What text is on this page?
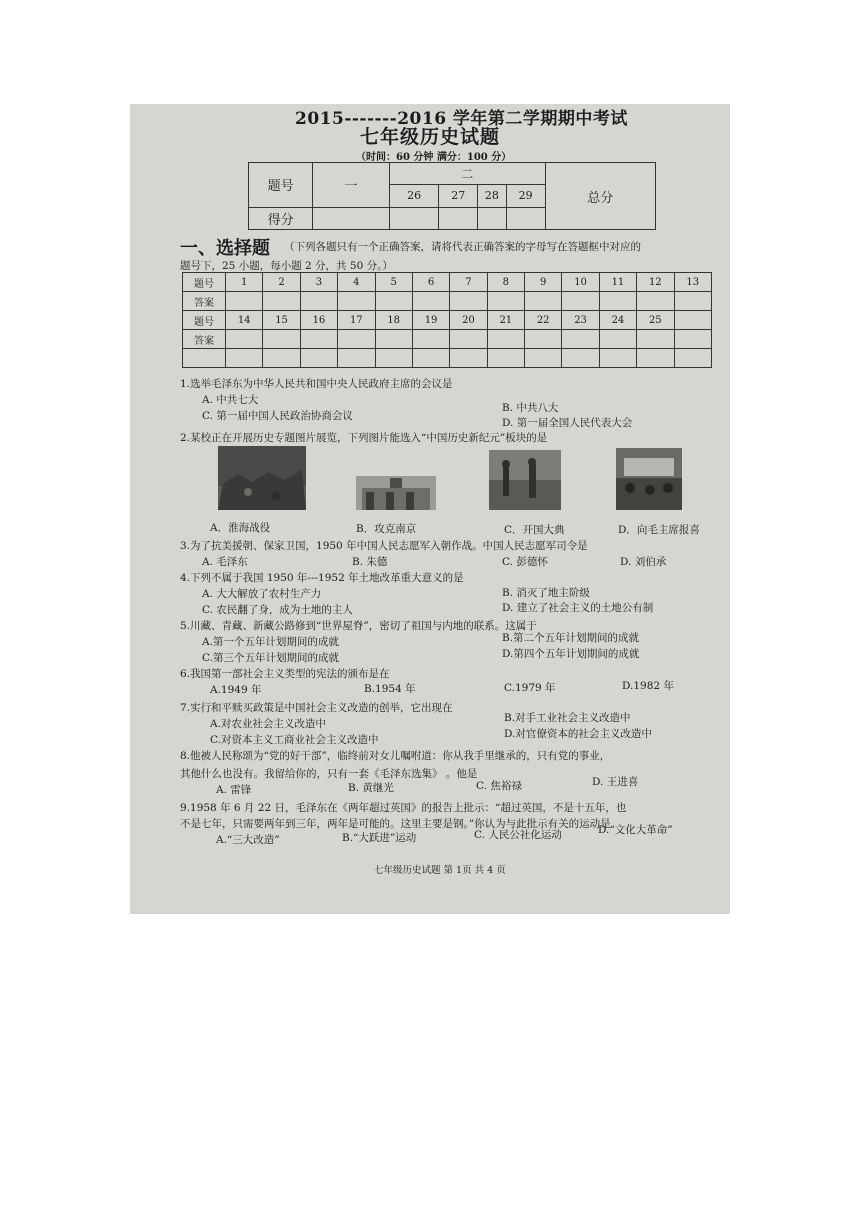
2015-------2016 学年第二学期期中考试
七年级历史试题
（时间：60 分钟 满分：100 分）
题号	一	二				总分
		26	27	28	29	
得分						
一、选择题 （下列各题只有一个正确答案，请将代表正确答案的字母写在答题框中对应的
题号下，25 小题，每小题 2 分，共 50 分。）
题号	1	2	3	4	5	6	7	8	9	10	11	12	13
答案													
题号	14	15	16	17	18	19	20	21	22	23	24	25	
答案													

1.选举毛泽东为中华人民共和国中央人民政府主席的会议是
A. 中共七大
B. 中共八大
C. 第一届中国人民政治协商会议
D. 第一届全国人民代表大会
2.某校正在开展历史专题图片展览，下列图片能选入“中国历史新纪元”板块的是
A．淮海战役	B．攻克南京	C．开国大典	D．向毛主席报喜
3.为了抗美援朝、保家卫国，1950 年中国人民志愿军入朝作战。中国人民志愿军司令是
A. 毛泽东	B. 朱德	C. 彭德怀	D. 刘伯承
4.下列不属于我国 1950 年---1952 年土地改革重大意义的是
A. 大大解放了农村生产力	B. 消灭了地主阶级
C. 农民翻了身，成为土地的主人	D. 建立了社会主义的土地公有制
5.川藏、青藏、新藏公路修到“世界屋脊”，密切了祖国与内地的联系。这属于
A.第一个五年计划期间的成就	B.第二个五年计划期间的成就
C.第三个五年计划期间的成就	D.第四个五年计划期间的成就
6.我国第一部社会主义类型的宪法的颁布是在
A.1949 年	B.1954 年	C.1979 年	D.1982 年
7.实行和平赎买政策是中国社会主义改造的创举，它出现在
A.对农业社会主义改造中	B.对手工业社会主义改造中
C.对资本主义工商业社会主义改造中	D.对官僚资本的社会主义改造中
8.他被人民称颂为“党的好干部”，临终前对女儿嘱咐道：你从我手里继承的，只有党的事业，
其他什么也没有。我留给你的，只有一套《毛泽东选集》 。他是
A. 雷锋	B. 黄继光	C. 焦裕禄	D. 王进喜
9.1958 年 6 月 22 日，毛泽东在《两年超过英国》的报告上批示：“超过英国，不是十五年，也
不是七年，只需要两年到三年，两年是可能的。这里主要是钢。”你认为与此批示有关的运动是
A.“三大改造”	B.“大跃进”运动	C. 人民公社化运动	D.“文化大革命”
七年级历史试题 第 1页 共 4 页
